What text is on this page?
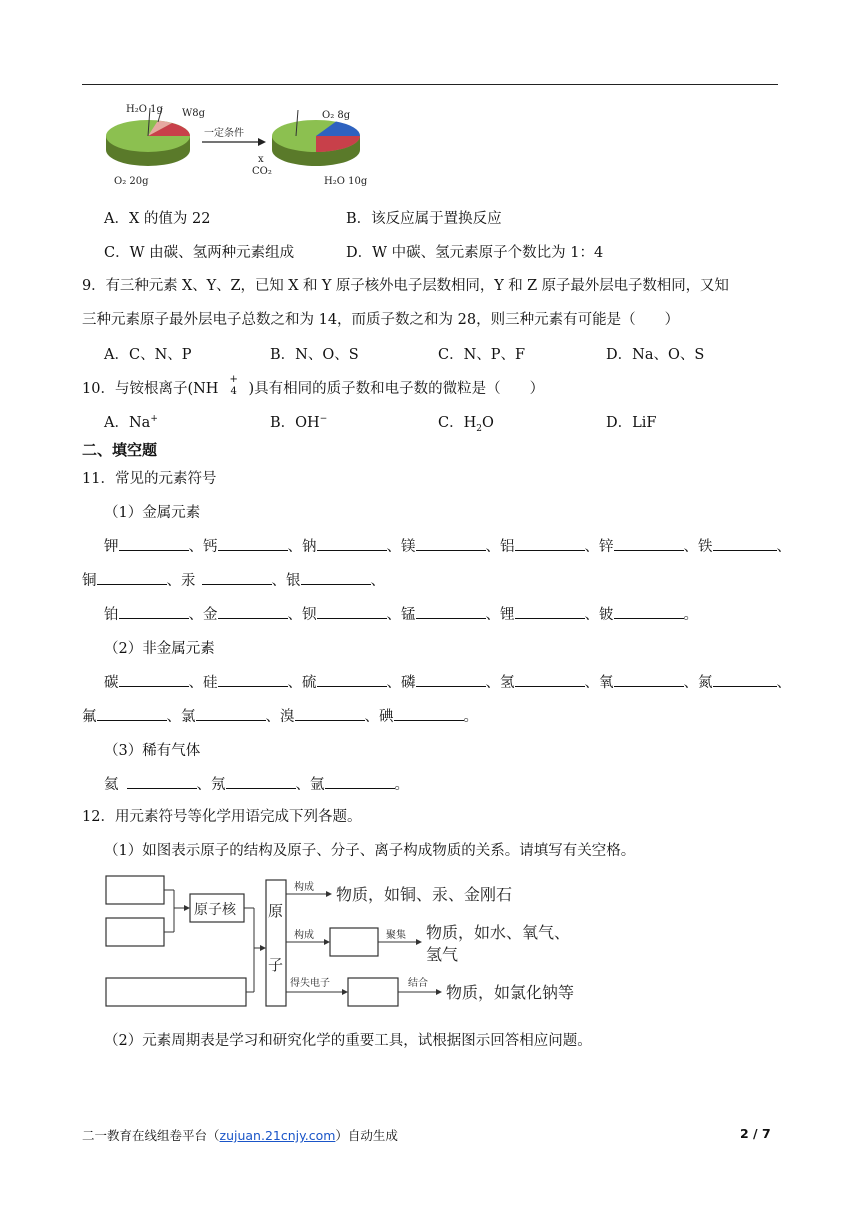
H₂O 1g W8g
O₂ 20g
一定条件
O₂ 8g
x
CO₂
H₂O 10g
A．X 的值为 22	B．该反应属于置换反应
C．W 由碳、氢两种元素组成	D．W 中碳、氢元素原子个数比为 1：4
9．有三种元素 X、Y、Z，已知 X 和 Y 原子核外电子层数相同，Y 和 Z 原子最外层电子数相同，又知
三种元素原子最外层电子总数之和为 14，而质子数之和为 28，则三种元素有可能是（　　）
A．C、N、P	B．N、O、S	C．N、P、F	D．Na、O、S
10．与铵根离子(NH
+
4 )具有相同的质子数和电子数的微粒是（　　）
A．Na+	B．OH−	C．$H_2O$	D．LiF
二、填空题
11．常见的元素符号
（1）金属元素
钾	、钙	、钠	、镁	、铝	、锌	、铁	、
铜	、汞	、银	、
铂	、金	、钡	、锰	、锂	、铍	。
（2）非金属元素
碳	、硅	、硫	、磷	、氢	、氧	、氮	、
氟	、氯	、溴	、碘	。
（3）稀有气体
氦	、氖	、氩	。
12．用元素符号等化学用语完成下列各题。
（1）如图表示原子的结构及原子、分子、离子构成物质的关系。请填写有关空格。
原子核 原
子
构成 物质，如铜、汞、金刚石
构成	聚集 物质，如水、氧气、
氢气
得失电子	结合 物质，如氯化钠等
（2）元素周期表是学习和研究化学的重要工具，试根据图示回答相应问题。
二一教育在线组卷平台（zujuan.21cnjy.com）自动生成	2 / 7
